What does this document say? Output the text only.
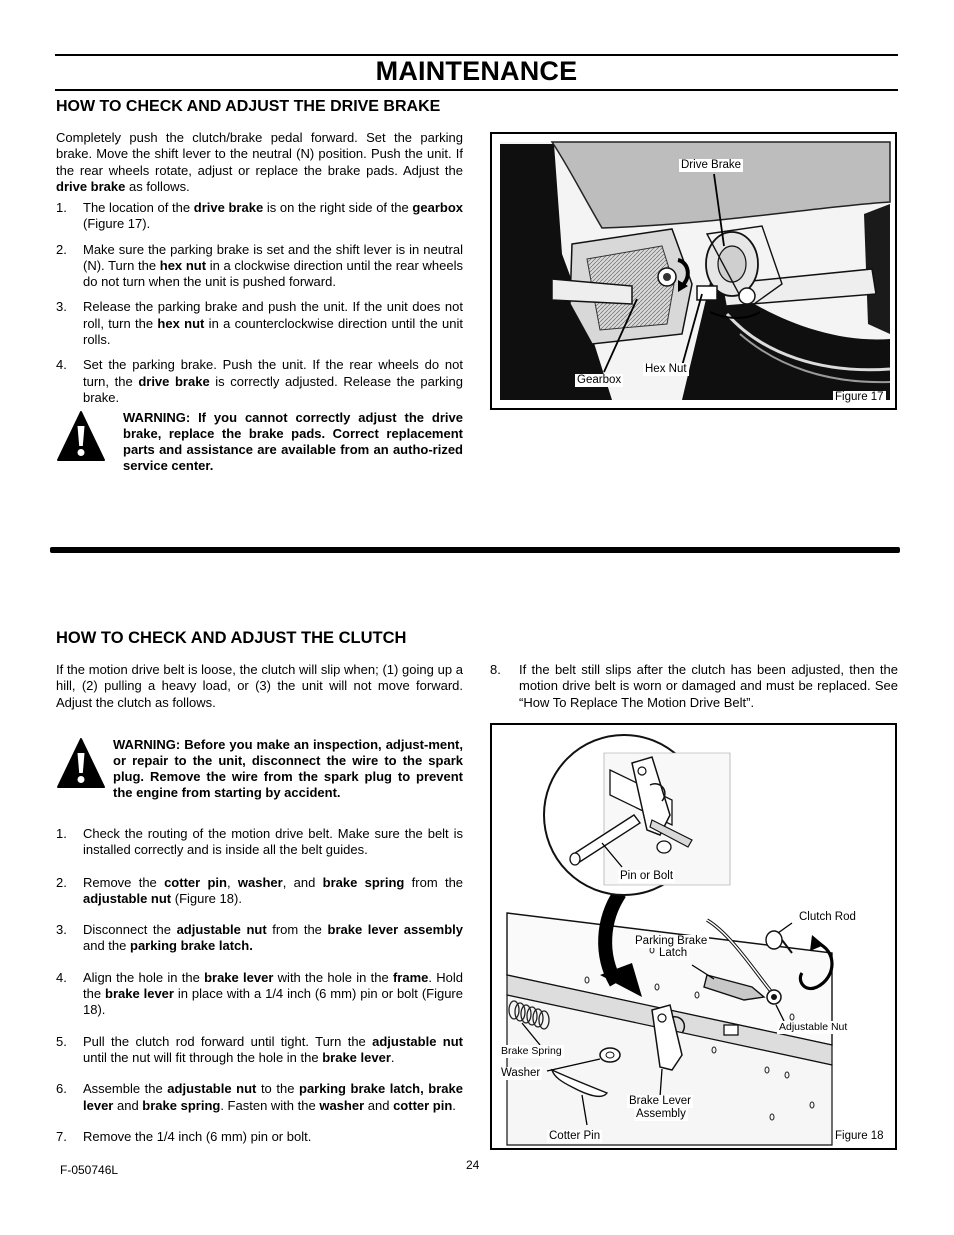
MAINTENANCE
HOW TO CHECK AND ADJUST THE DRIVE BRAKE
Completely push the clutch/brake pedal forward. Set the parking brake. Move the shift lever to the neutral (N) position. Push the unit. If the rear wheels rotate, adjust or replace the brake pads. Adjust the drive brake as follows.
1. The location of the drive brake is on the right side of the gearbox (Figure 17).
2. Make sure the parking brake is set and the shift lever is in neutral (N). Turn the hex nut in a clockwise direction until the rear wheels do not turn when the unit is pushed forward.
3. Release the parking brake and push the unit. If the unit does not roll, turn the hex nut in a counterclockwise direction until the unit rolls.
4. Set the parking brake. Push the unit. If the rear wheels do not turn, the drive brake is correctly adjusted. Release the parking brake.
WARNING: If you cannot correctly adjust the drive brake, replace the brake pads. Correct replacement parts and assistance are available from an autho-rized service center.
Drive Brake
Hex Nut
Gearbox
Figure 17
HOW TO CHECK AND ADJUST THE CLUTCH
If the motion drive belt is loose, the clutch will slip when; (1) going up a hill, (2) pulling a heavy load, or (3) the unit will not move forward. Adjust the clutch as follows.
WARNING: Before you make an inspection, adjust-ment, or repair to the unit, disconnect the wire to the spark plug. Remove the wire from the spark plug to prevent the engine from starting by accident.
1. Check the routing of the motion drive belt. Make sure the belt is installed correctly and is inside all the belt guides.
2. Remove the cotter pin, washer, and brake spring from the adjustable nut (Figure 18).
3. Disconnect the adjustable nut from the brake lever assembly and the parking brake latch.
4. Align the hole in the brake lever with the hole in the frame. Hold the brake lever in place with a 1/4 inch (6 mm) pin or bolt (Figure 18).
5. Pull the clutch rod forward until tight. Turn the adjustable nut until the nut will fit through the hole in the brake lever.
6. Assemble the adjustable nut to the parking brake latch, brake lever and brake spring. Fasten with the washer and cotter pin.
7. Remove the 1/4 inch (6 mm) pin or bolt.
8. If the belt still slips after the clutch has been adjusted, then the motion drive belt is worn or damaged and must be replaced. See “How To Replace The Motion Drive Belt”.
Pin or Bolt
Clutch Rod
Parking Brake
Latch
Adjustable Nut
Brake Spring
Washer
Brake Lever
Assembly
Cotter Pin	Figure 18
F-050746L	24
